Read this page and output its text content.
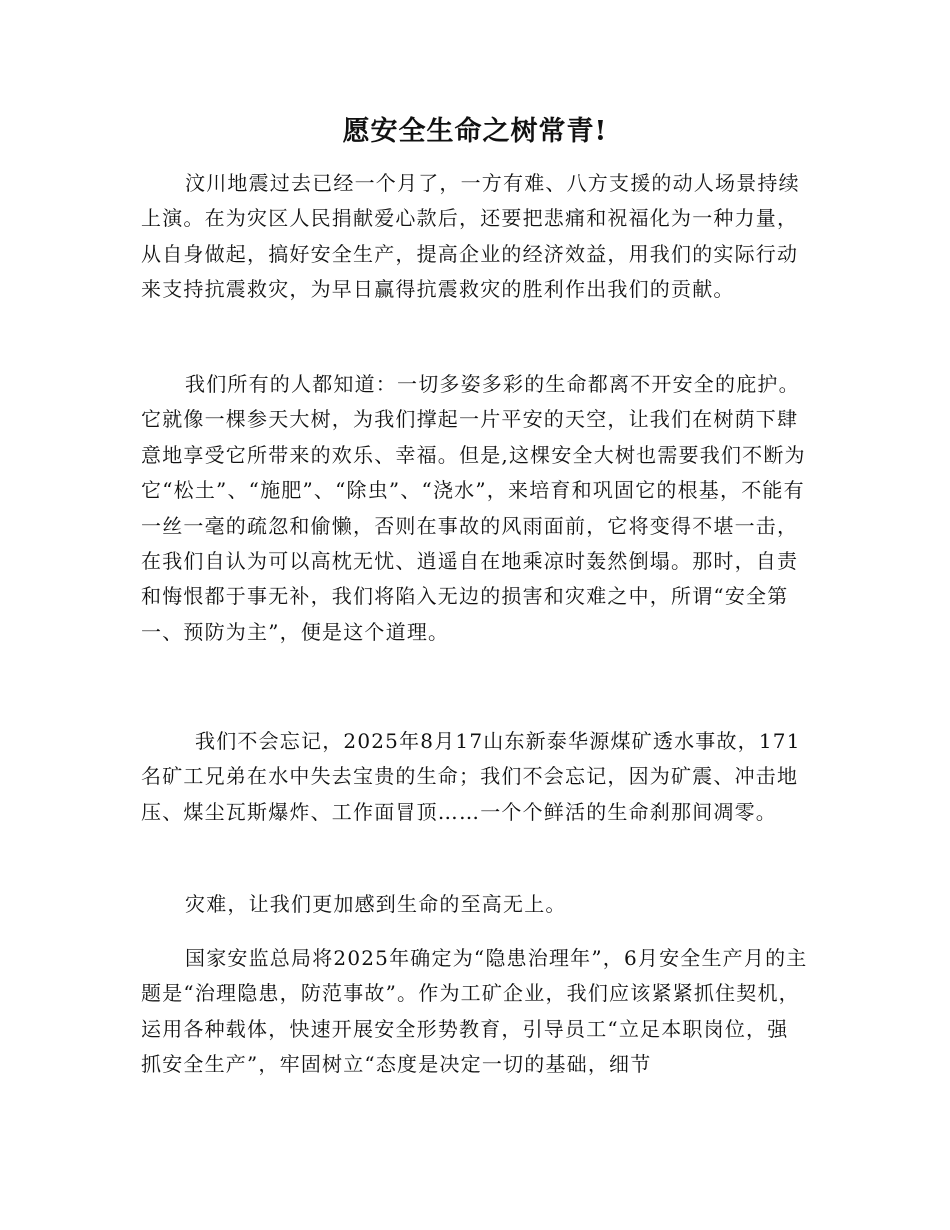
愿安全生命之树常青!

汶川地震过去已经一个月了，一方有难、八方支援的动人场景持续上演。在为灾区人民捐献爱心款后，还要把悲痛和祝福化为一种力量，从自身做起，搞好安全生产，提高企业的经济效益，用我们的实际行动来支持抗震救灾，为早日赢得抗震救灾的胜利作出我们的贡献。

我们所有的人都知道：一切多姿多彩的生命都离不开安全的庇护。它就像一棵参天大树，为我们撑起一片平安的天空，让我们在树荫下肆意地享受它所带来的欢乐、幸福。但是,这棵安全大树也需要我们不断为它“松土”、“施肥”、“除虫”、“浇水”，来培育和巩固它的根基，不能有一丝一毫的疏忽和偷懒，否则在事故的风雨面前，它将变得不堪一击，在我们自认为可以高枕无忧、逍遥自在地乘凉时轰然倒塌。那时，自责和悔恨都于事无补，我们将陷入无边的损害和灾难之中，所谓“安全第一、预防为主”，便是这个道理。

我们不会忘记，2025年8月17山东新泰华源煤矿透水事故，171名矿工兄弟在水中失去宝贵的生命；我们不会忘记，因为矿震、冲击地压、煤尘瓦斯爆炸、工作面冒顶……一个个鲜活的生命刹那间凋零。

灾难，让我们更加感到生命的至高无上。

国家安监总局将2025年确定为“隐患治理年”，6月安全生产月的主题是“治理隐患，防范事故”。作为工矿企业，我们应该紧紧抓住契机，运用各种载体，快速开展安全形势教育，引导员工“立足本职岗位，强抓安全生产”，牢固树立“态度是决定一切的基础，细节
